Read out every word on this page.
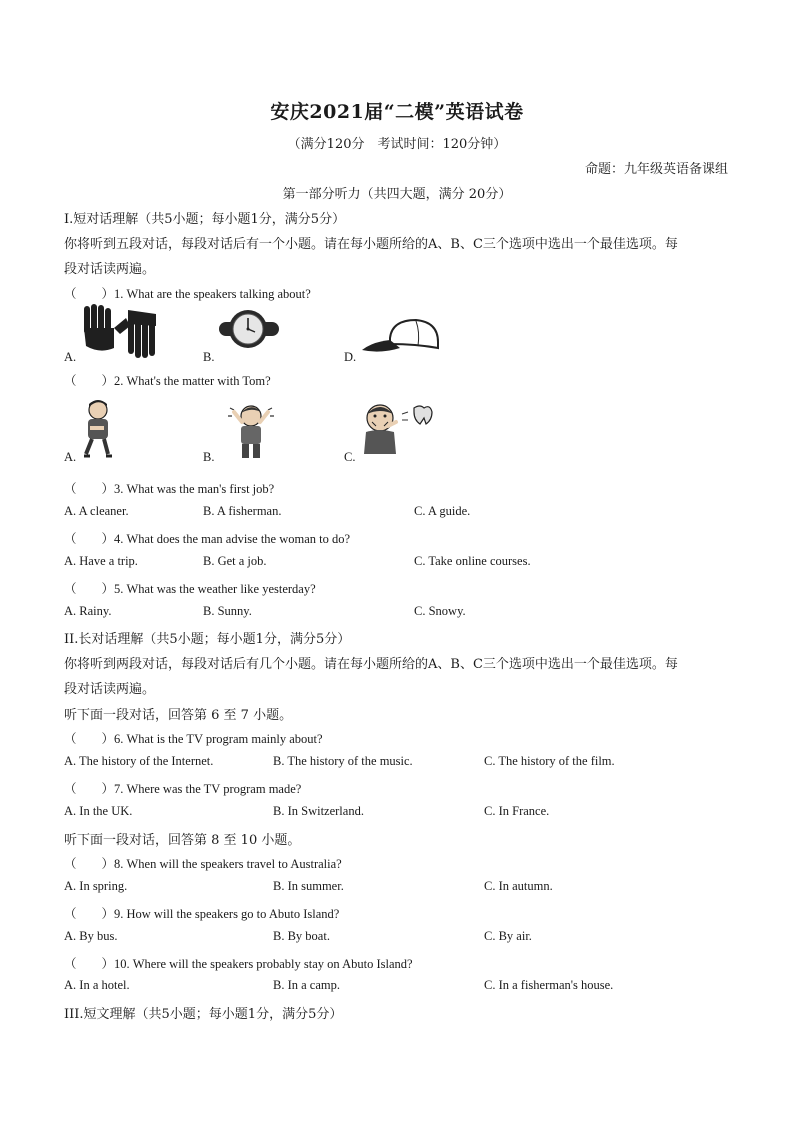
安庆2021届“二模”英语试卷
（满分120分　考试时间：120分钟）
命题：九年级英语备课组
第一部分听力（共四大题，满分 20分）
I.短对话理解（共5小题；每小题1分，满分5分）
你将听到五段对话，每段对话后有一个小题。请在每小题所给的A、B、C三个选项中选出一个最佳选项。每
段对话读两遍。
（　　）1. What are the speakers talking about?
A.	B.	D.
（　　）2. What's the matter with Tom?
A.	B.	C.
（　　）3. What was the man's first job?
A. A cleaner.	B. A fisherman.	C. A guide.
（　　）4. What does the man advise the woman to do?
A. Have a trip.	B. Get a job.	C. Take online courses.
（　　）5. What was the weather like yesterday?
A. Rainy.	B. Sunny.	C. Snowy.
II.长对话理解（共5小题；每小题1分，满分5分）
你将听到两段对话，每段对话后有几个小题。请在每小题所给的A、B、C三个选项中选出一个最佳选项。每
段对话读两遍。
听下面一段对话，回答第 6 至 7 小题。
（　　）6. What is the TV program mainly about?
A. The history of the Internet.	B. The history of the music.	C. The history of the film.
（　　）7. Where was the TV program made?
A. In the UK.	B. In Switzerland.	C. In France.
听下面一段对话，回答第 8 至 10 小题。
（　　）8. When will the speakers travel to Australia?
A. In spring.	B. In summer.	C. In autumn.
（　　）9. How will the speakers go to Abuto Island?
A. By bus.	B. By boat.	C. By air.
（　　）10. Where will the speakers probably stay on Abuto Island?
A. In a hotel.	B. In a camp.	C. In a fisherman's house.
III.短文理解（共5小题；每小题1分，满分5分）
